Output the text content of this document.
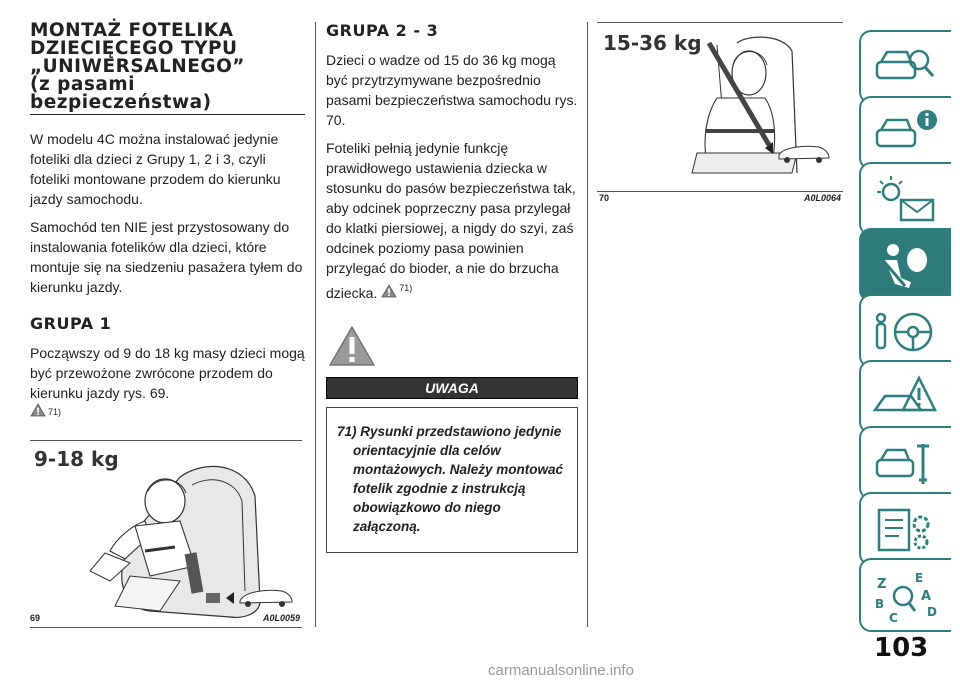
MONTAŻ FOTELIKA
DZIECIĘCEGO TYPU
„UNIWERSALNEGO”
(z pasami
bezpieczeństwa)

W modelu 4C można instalować jedynie foteliki dla dzieci z Grupy 1, 2 i 3, czyli foteliki montowane przodem do kierunku jazdy samochodu.

Samochód ten NIE jest przystosowany do instalowania fotelików dla dzieci, które montuje się na siedzeniu pasażera tyłem do kierunku jazdy.

GRUPA 1

Począwszy od 9 do 18 kg masy dzieci mogą być przewożone zwrócone przodem do kierunku jazdy rys. 69.

71)
9-18 kg
69	A0L0059
GRUPA 2 - 3

Dzieci o wadze od 15 do 36 kg mogą być przytrzymywane bezpośrednio pasami bezpieczeństwa samochodu rys. 70.

Foteliki pełnią jedynie funkcję prawidłowego ustawienia dziecka w stosunku do pasów bezpieczeństwa tak, aby odcinek poprzeczny pasa przylegał do klatki piersiowej, a nigdy do szyi, zaś odcinek poziomy pasa powinien przylegać do bioder, a nie do brzucha dziecka. 71)

UWAGA

71) Rysunki przedstawiono jedynie orientacyjnie dla celów montażowych. Należy montować fotelik zgodnie z instrukcją obowiązkowo do niego załączoną.

15-36 kg
70	A0L0064
Z E
A
B
D
C
103
carmanualsonline.info
